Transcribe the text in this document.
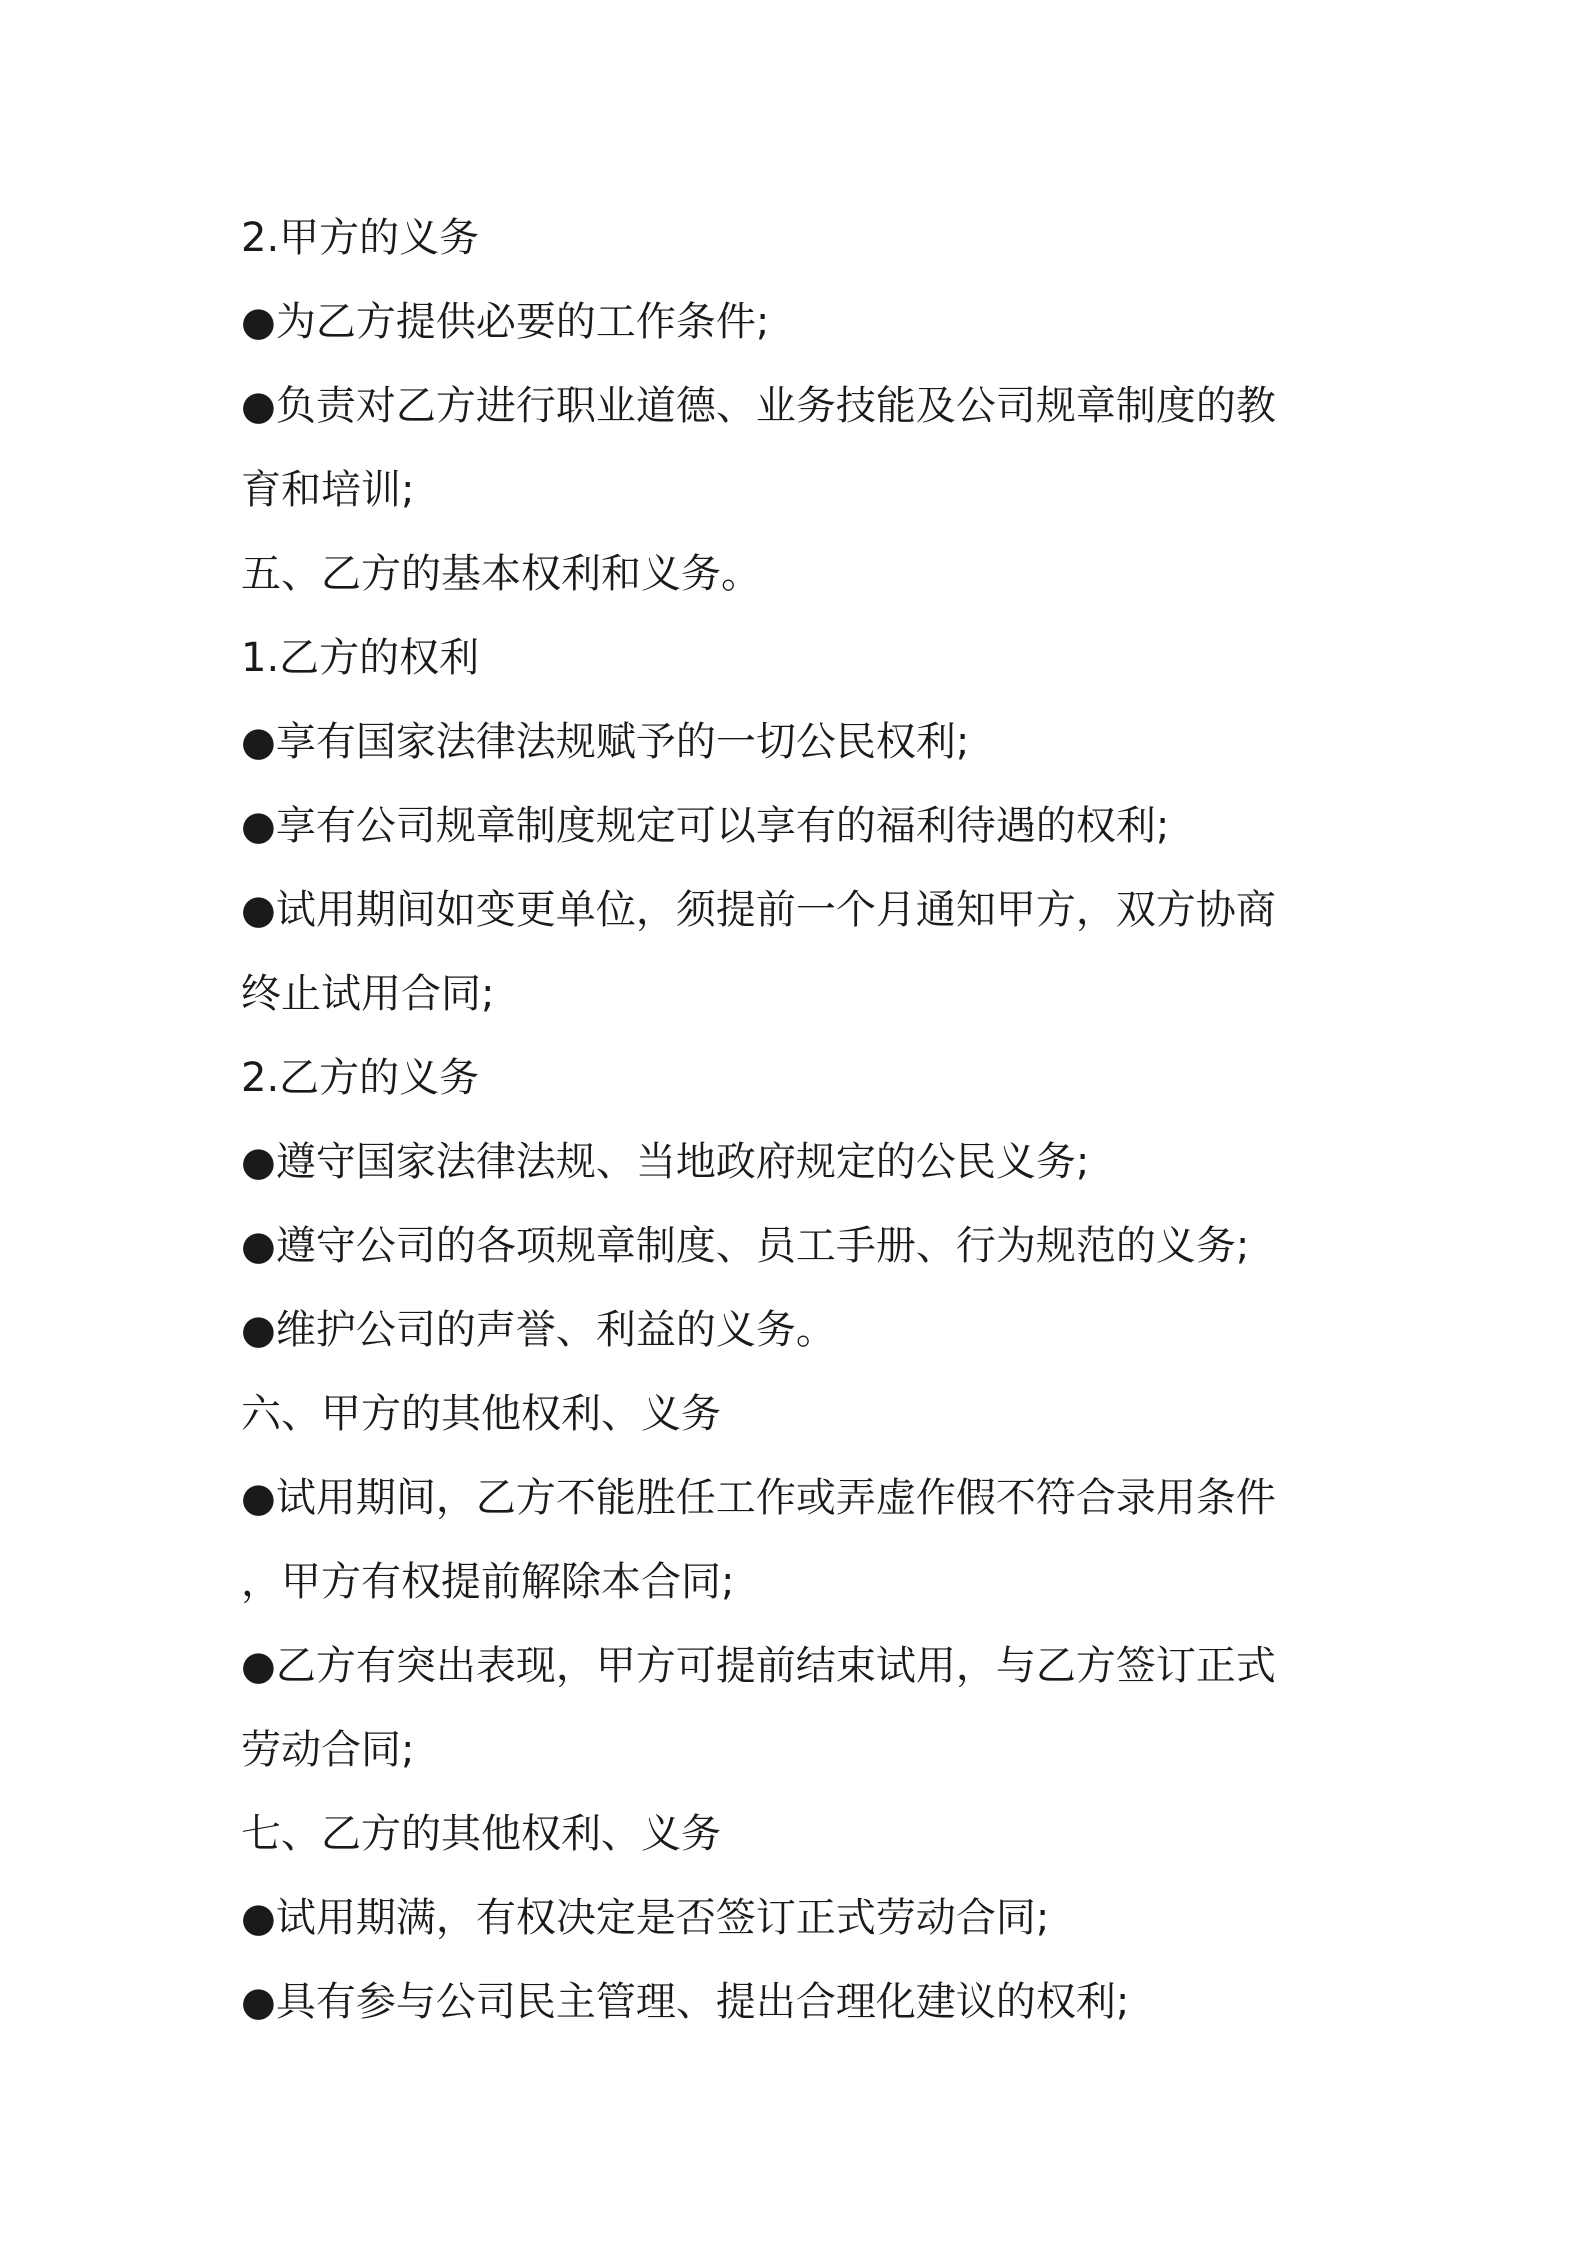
2.甲方的义务

●为乙方提供必要的工作条件;

●负责对乙方进行职业道德、业务技能及公司规章制度的教

育和培训;

五、乙方的基本权利和义务。

1.乙方的权利

●享有国家法律法规赋予的一切公民权利;

●享有公司规章制度规定可以享有的福利待遇的权利;

●试用期间如变更单位，须提前一个月通知甲方，双方协商

终止试用合同;

2.乙方的义务

●遵守国家法律法规、当地政府规定的公民义务;

●遵守公司的各项规章制度、员工手册、行为规范的义务;

●维护公司的声誉、利益的义务。

六、甲方的其他权利、义务

●试用期间，乙方不能胜任工作或弄虚作假不符合录用条件

，甲方有权提前解除本合同;

●乙方有突出表现，甲方可提前结束试用，与乙方签订正式

劳动合同;

七、乙方的其他权利、义务

●试用期满，有权决定是否签订正式劳动合同;

●具有参与公司民主管理、提出合理化建议的权利;
